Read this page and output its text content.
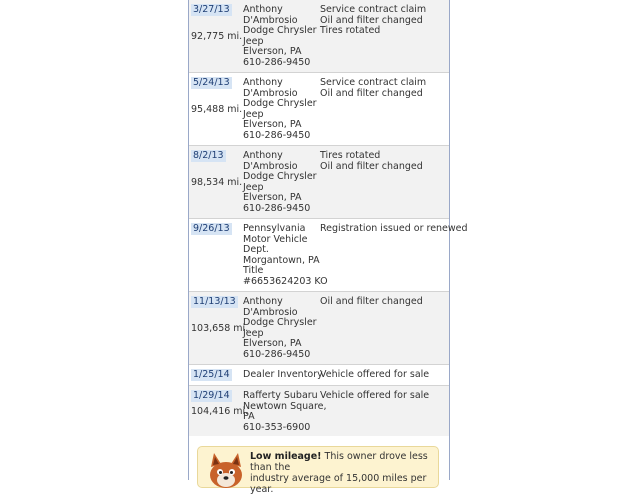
3/27/13
92,775 mi.
Anthony
D'Ambrosio
Dodge Chrysler
Jeep
Elverson, PA
610-286-9450
Service contract claim
Oil and filter changed
Tires rotated
5/24/13
95,488 mi.
Anthony
D'Ambrosio
Dodge Chrysler
Jeep
Elverson, PA
610-286-9450
Service contract claim
Oil and filter changed
8/2/13
98,534 mi.
Anthony
D'Ambrosio
Dodge Chrysler
Jeep
Elverson, PA
610-286-9450
Tires rotated
Oil and filter changed
9/26/13 Pennsylvania
Motor Vehicle
Dept.
Morgantown, PA
Title
#6653624203 KO
Registration issued or renewed
11/13/13
103,658 mi.
Anthony
D'Ambrosio
Dodge Chrysler
Jeep
Elverson, PA
610-286-9450
Oil and filter changed
1/25/14 Dealer Inventory
Vehicle offered for sale
1/29/14
104,416 mi.
Rafferty Subaru
Newtown Square,
PA
610-353-6900
Vehicle offered for sale
Low mileage! This owner drove less than the
industry average of 15,000 miles per year.
